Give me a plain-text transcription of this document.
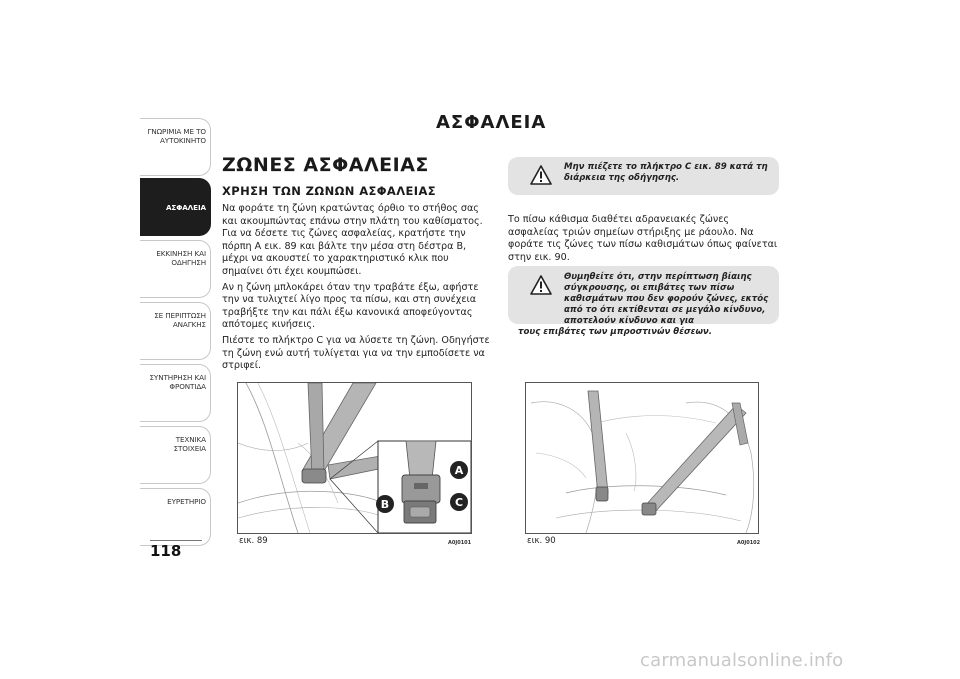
ΓΝΩΡΙΜΙΑ ΜΕ ΤΟ
ΑΥΤΟΚΙΝΗΤΟ
ΑΣΦΑΛΕΙΑ
ΕΚΚΙΝΗΣΗ ΚΑΙ
ΟΔΗΓΗΣΗ
ΣΕ ΠΕΡΙΠΤΩΣΗ
ΑΝΑΓΚΗΣ
ΣΥΝΤΗΡΗΣΗ ΚΑΙ
ΦΡΟΝΤΙΔΑ
ΤΕΧΝΙΚΑ ΣΤΟΙΧΕΙΑ
ΕΥΡΕΤΗΡΙΟ
118
ΑΣΦΑΛΕΙΑ
ΖΩΝΕΣ ΑΣΦΑΛΕΙΑΣ
ΧΡΗΣΗ ΤΩΝ ΖΩΝΩΝ ΑΣΦΑΛΕΙΑΣ

Να φοράτε τη ζώνη κρατώντας όρθιο το στήθος σας και ακουμπώντας επάνω στην πλάτη του καθίσματος. Για να δέσετε τις ζώνες ασφαλείας, κρατήστε την πόρπη A εικ. 89 και βάλτε την μέσα στη δέστρα B, μέχρι να ακουστεί το χαρακτηριστικό κλικ που σημαίνει ότι έχει κουμπώσει.

Αν η ζώνη μπλοκάρει όταν την τραβάτε έξω, αφήστε την να τυλιχτεί λίγο προς τα πίσω, και στη συνέχεια τραβήξτε την και πάλι έξω κανονικά αποφεύγοντας απότομες κινήσεις.

Πιέστε το πλήκτρο C για να λύσετε τη ζώνη. Οδηγήστε τη ζώνη ενώ αυτή τυλίγεται για να την εμποδίσετε να στριφεί.

Μην πιέζετε το πλήκτρο C εικ. 89 κατά τη διάρκεια της οδήγησης.
Το πίσω κάθισμα διαθέτει αδρανειακές ζώνες ασφαλείας τριών σημείων στήριξης με ράουλο. Να φοράτε τις ζώνες των πίσω καθισμάτων όπως φαίνεται στην εικ. 90.
Θυμηθείτε ότι, στην περίπτωση βίαιης σύγκρουσης, οι επιβάτες των πίσω καθισμάτων που δεν φορούν ζώνες, εκτός από το ότι εκτίθενται σε μεγάλο κίνδυνο, αποτελούν κίνδυνο και για
τους επιβάτες των μπροστινών θέσεων.
A
B	C
εικ. 89	A0J0101	εικ. 90	A0J0102
carmanualsonline.info
